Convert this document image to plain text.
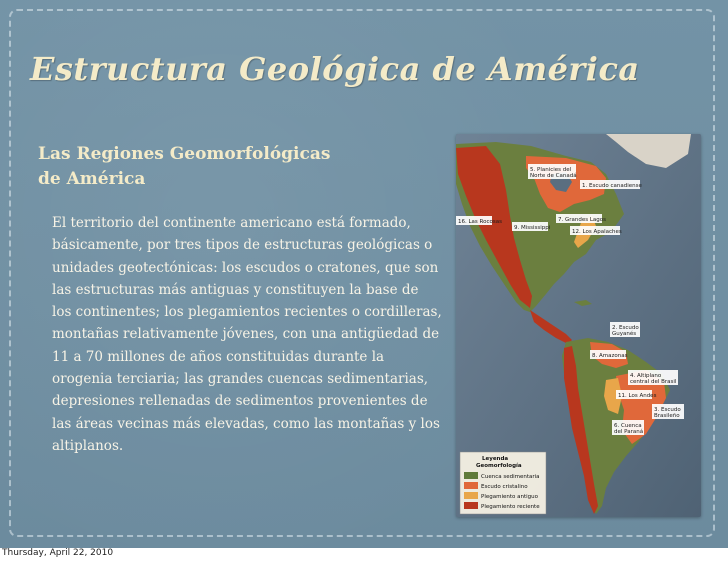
Estructura Geológica de América
Las Regiones Geomorfológicas
de América
El territorio del continente americano está formado, básicamente, por tres tipos de estructuras geológicas o unidades geotectónicas: los escudos o cratones, que son las estructuras más antiguas y constituyen la base de los continentes; los plegamientos recientes o cordilleras, montañas relativamente jóvenes, con una antigüedad de 11 a 70 millones de años constituidas durante la orogenia terciaria; las grandes cuencas sedimentarias, depresiones rellenadas de sedimentos provenientes de las áreas vecinas más elevadas, como las montañas y los altiplanos.
5. Planicies del
Norte de Canadá
1. Escudo canadiense
16. Las Rocosas	7. Grandes Lagos
9. Mississippi
12. Los Apalaches
2. Escudo
Guyanés
8. Amazonas
4. Altiplano
central del Brasil
11. Los Andes
3. Escudo
Brasileño
6. Cuenca
del Paraná
Leyenda
Geomorfología
Cuenca sedimentaria
Escudo cristalino
Plegamiento antiguo
Plegamiento reciente
Thursday, April 22, 2010
